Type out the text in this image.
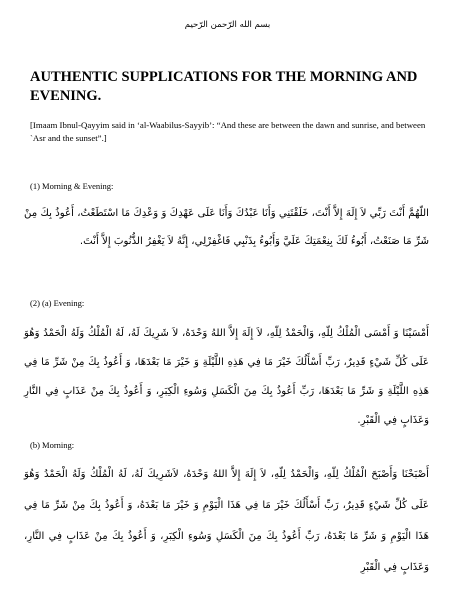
بسم الله الرّحمن الرّحيم
AUTHENTIC SUPPLICATIONS FOR THE MORNING AND EVENING.
[Imaam Ibnul-Qayyim said in ‘al-Waabilus-Sayyib’: “And these are between the dawn and sunrise, and between `Asr and the sunset”.]
(1) Morning & Evening:
اللّهُمَّ أَنْتَ رَبِّي لاَ إِلَهَ إِلاَّ أَنْتَ، خَلَقْتَنِي وَأَنَا عَبْدُكَ وَأَنَا عَلَى عَهْدِكَ وَ وَعْدِكَ مَا اسْتَطَعْتُ، أَعُوذُ بِكَ مِنْ شَرِّ مَا صَنَعْتُ، أَبُوءُ لَكَ بِنِعْمَتِكَ عَلَيَّ وَأَبُوءُ بِذَنْبِي فَاغْفِرْلِي، إِنَّهُ لاَ يَغْفِرُ الذُّنُوبَ إِلاَّ أَنْتَ.
(2) (a) Evening:
أَمْسَيْنَا وَ أَمْسَى الْمُلْكُ لِلّهِ، وَالْحَمْدُ لِلّهِ، لاَ إِلَهَ إِلاَّ اللهُ وَحْدَهُ، لاَ شَرِيكَ لَهُ، لَهُ الْمُلْكُ وَلَهُ الْحَمْدُ وَهُوَ عَلَى كُلِّ شَيْءٍ قَدِيرٌ، رَبِّ أَسْأَلُكَ خَيْرَ مَا فِي هَذِهِ اللَّيْلَةِ وَ خَيْرَ مَا بَعْدَهَا، وَ أَعُوذُ بِكَ مِنْ شَرِّ مَا فِي هَذِهِ اللَّيْلَةِ وَ شَرِّ مَا بَعْدَهَا، رَبِّ أَعُوذُ بِكَ مِنَ الْكَسَلِ وَسُوءِ الْكِبَرِ، وَ أَعُوذُ بِكَ مِنْ عَذَابٍ فِي النَّارِ وَعَذَابٍ فِي الْقَبْرِ.
(b) Morning:
أَصْبَحْنَا وَأَصْبَحَ الْمُلْكُ لِلّهِ، وَالْحَمْدُ لِلّهِ، لاَ إِلَهَ إِلاَّ اللهُ وَحْدَهُ، لاَشَرِيكَ لَهُ، لَهُ الْمُلْكُ وَلَهُ الْحَمْدُ وَهُوَ عَلَى كُلِّ شَيْءٍ قَدِيرٌ، رَبِّ أَسْأَلُكَ خَيْرَ مَا فِي هَذَا الْيَوْمِ وَ خَيْرَ مَا بَعْدَهُ، وَ أَعُوذُ بِكَ مِنْ شَرِّ مَا فِي هَذَا الْيَوْمِ وَ شَرِّ مَا بَعْدَهُ، رَبِّ أَعُوذُ بِكَ مِنَ الْكَسَلِ وَسُوءِ الْكِبَرِ، وَ أَعُوذُ بِكَ مِنْ عَذَابٍ فِي النَّارِ، وَعَذَابٍ فِي الْقَبْرِ
